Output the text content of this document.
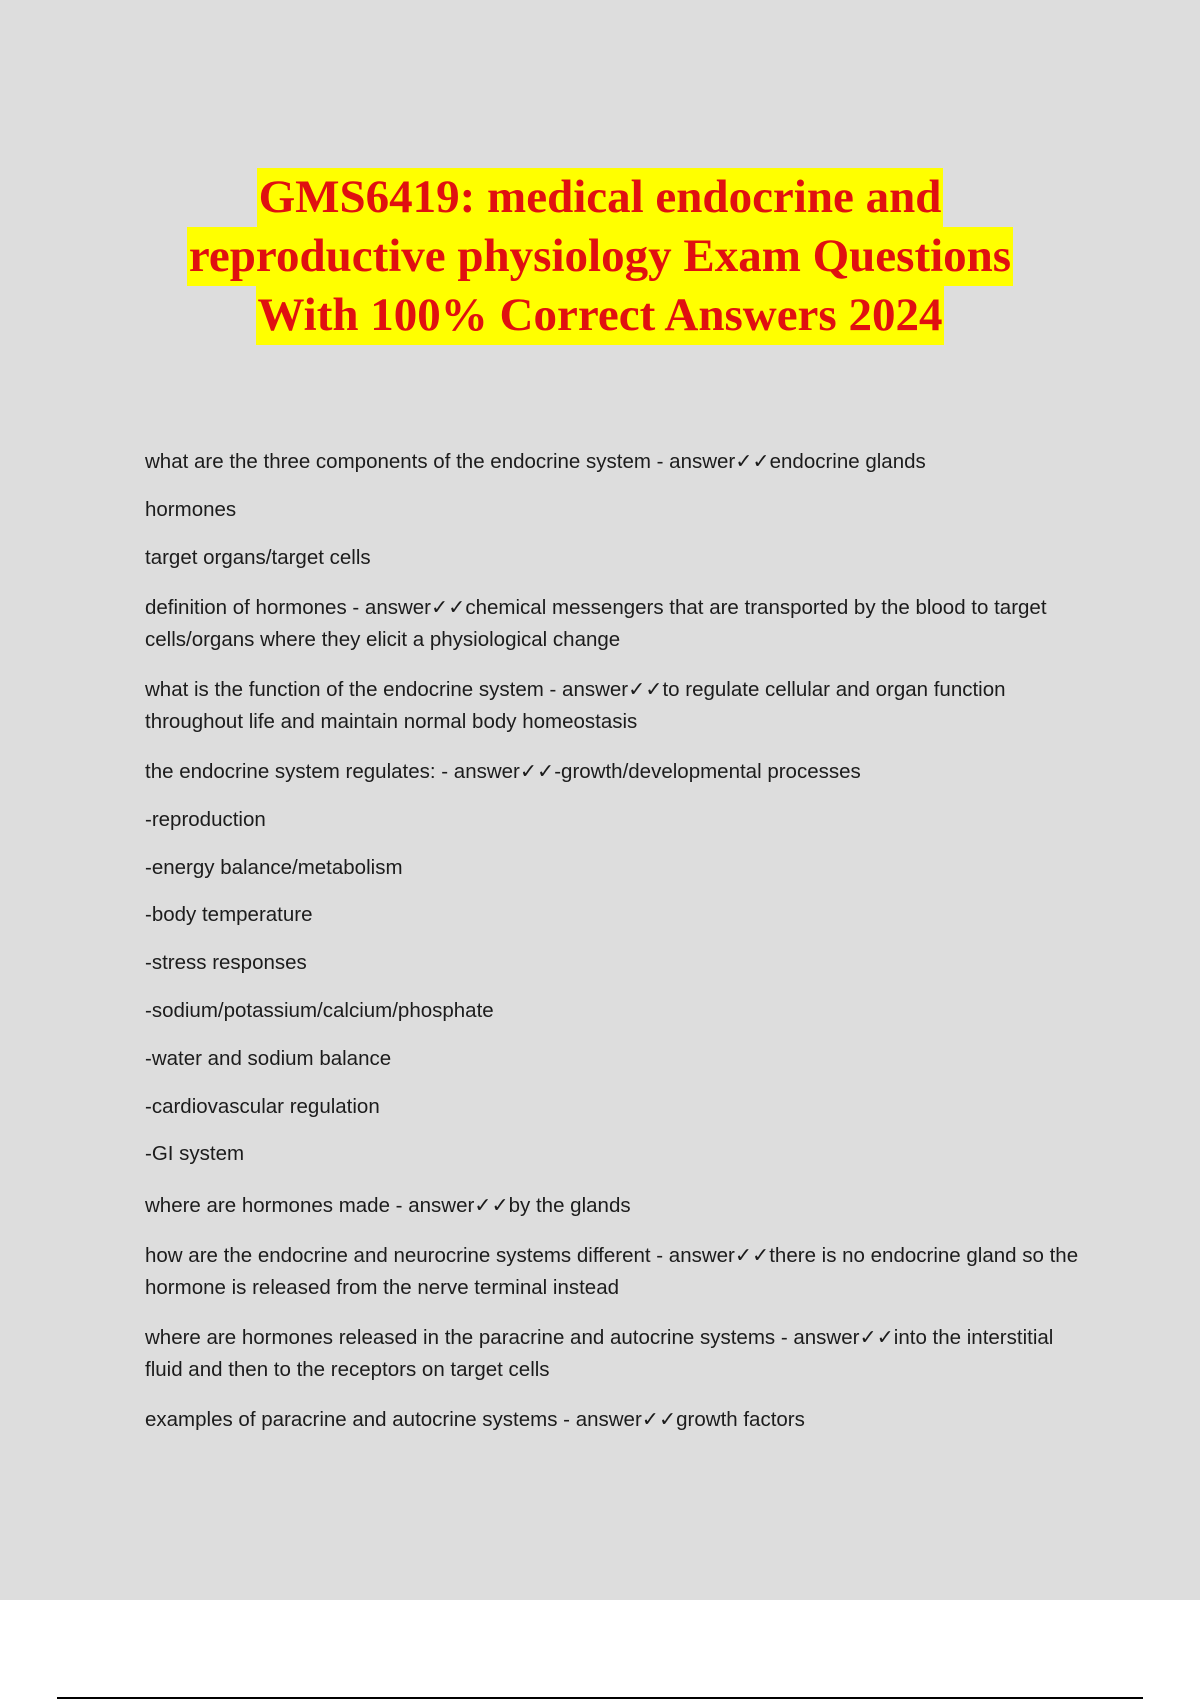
GMS6419: medical endocrine and
reproductive physiology Exam Questions
With 100% Correct Answers 2024

what are the three components of the endocrine system - answer✓✓endocrine glands

hormones

target organs/target cells

definition of hormones - answer✓✓chemical messengers that are transported by the blood to target cells/organs where they elicit a physiological change

what is the function of the endocrine system - answer✓✓to regulate cellular and organ function throughout life and maintain normal body homeostasis

the endocrine system regulates: - answer✓✓-growth/developmental processes

-reproduction

-energy balance/metabolism

-body temperature

-stress responses

-sodium/potassium/calcium/phosphate

-water and sodium balance

-cardiovascular regulation

-GI system

where are hormones made - answer✓✓by the glands

how are the endocrine and neurocrine systems different - answer✓✓there is no endocrine gland so the hormone is released from the nerve terminal instead

where are hormones released in the paracrine and autocrine systems - answer✓✓into the interstitial fluid and then to the receptors on target cells

examples of paracrine and autocrine systems - answer✓✓growth factors
